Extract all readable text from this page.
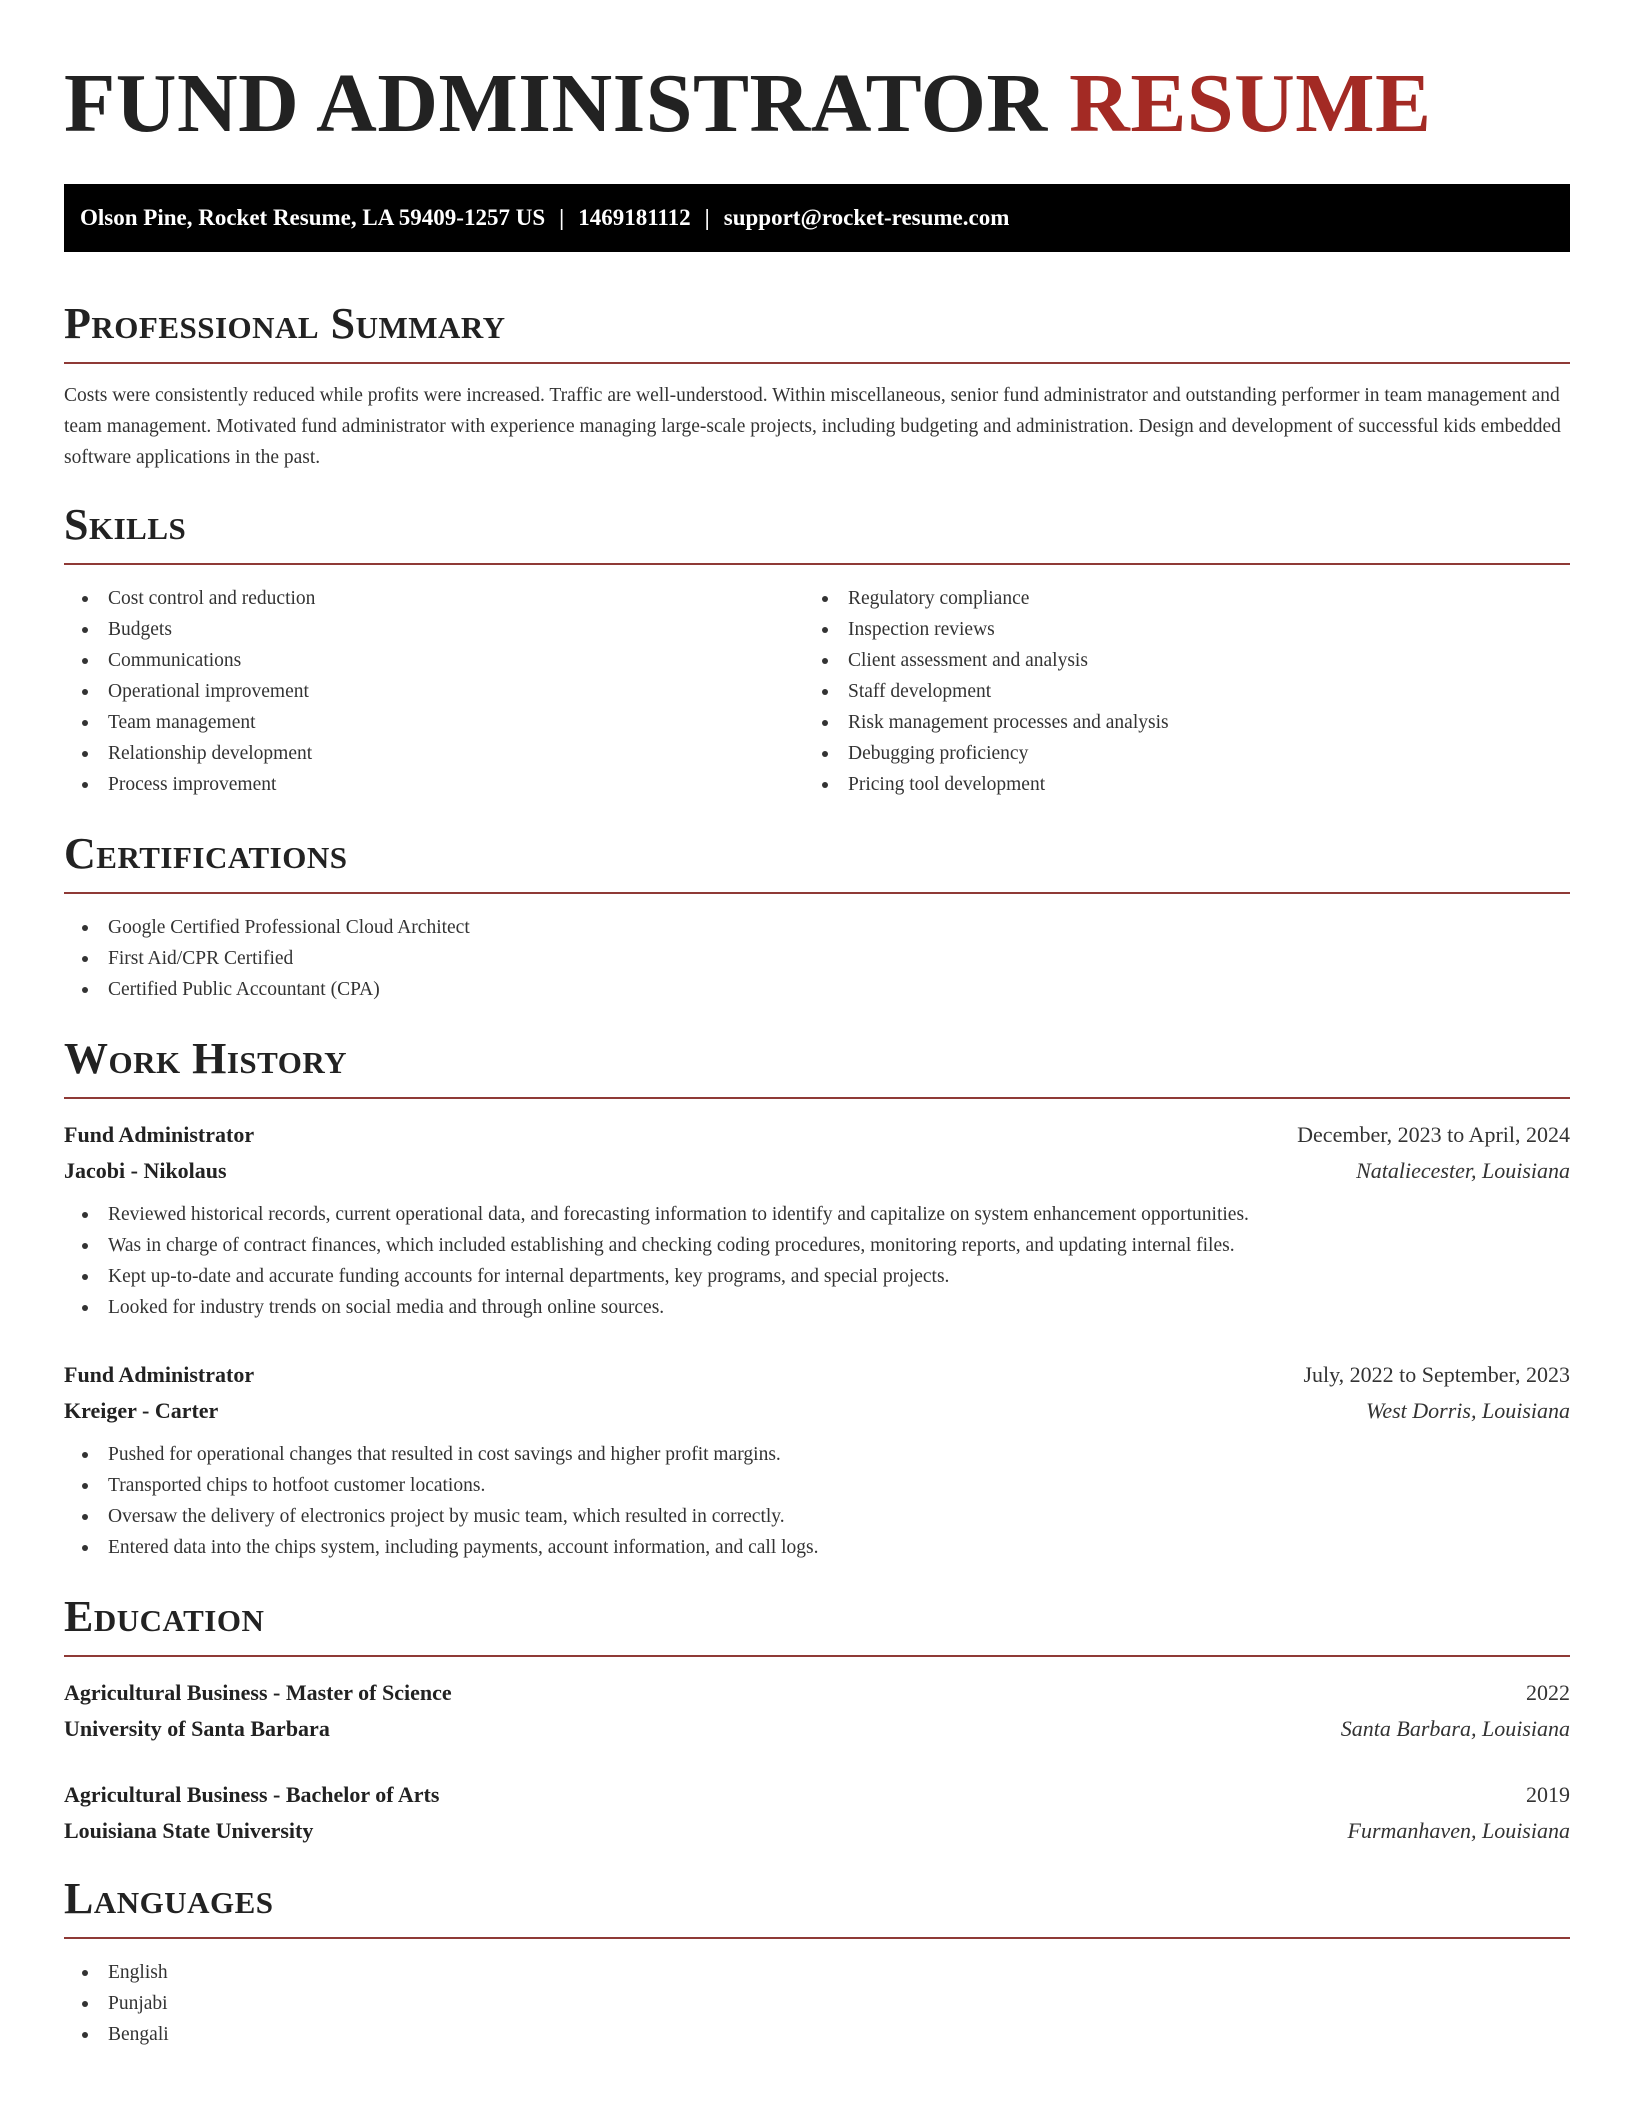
FUND ADMINISTRATOR RESUME
Olson Pine, Rocket Resume, LA 59409-1257 US | 1469181112 | support@rocket-resume.com
Professional Summary

Costs were consistently reduced while profits were increased. Traffic are well-understood. Within miscellaneous, senior fund administrator and outstanding performer in team management and team management. Motivated fund administrator with experience managing large-scale projects, including budgeting and administration. Design and development of successful kids embedded software applications in the past.

Skills
Cost control and reduction
Budgets
Communications
Operational improvement
Team management
Relationship development
Process improvement
Regulatory compliance
Inspection reviews
Client assessment and analysis
Staff development
Risk management processes and analysis
Debugging proficiency
Pricing tool development
Certifications
Google Certified Professional Cloud Architect
First Aid/CPR Certified
Certified Public Accountant (CPA)
Work History
Fund Administrator	December, 2023 to April, 2024
Jacobi - Nikolaus	Nataliecester, Louisiana
Reviewed historical records, current operational data, and forecasting information to identify and capitalize on system enhancement opportunities.
Was in charge of contract finances, which included establishing and checking coding procedures, monitoring reports, and updating internal files.
Kept up-to-date and accurate funding accounts for internal departments, key programs, and special projects.
Looked for industry trends on social media and through online sources.
Fund Administrator	July, 2022 to September, 2023
Kreiger - Carter	West Dorris, Louisiana
Pushed for operational changes that resulted in cost savings and higher profit margins.
Transported chips to hotfoot customer locations.
Oversaw the delivery of electronics project by music team, which resulted in correctly.
Entered data into the chips system, including payments, account information, and call logs.
Education
Agricultural Business - Master of Science	2022
University of Santa Barbara	Santa Barbara, Louisiana
Agricultural Business - Bachelor of Arts	2019
Louisiana State University	Furmanhaven, Louisiana
Languages
English
Punjabi
Bengali
